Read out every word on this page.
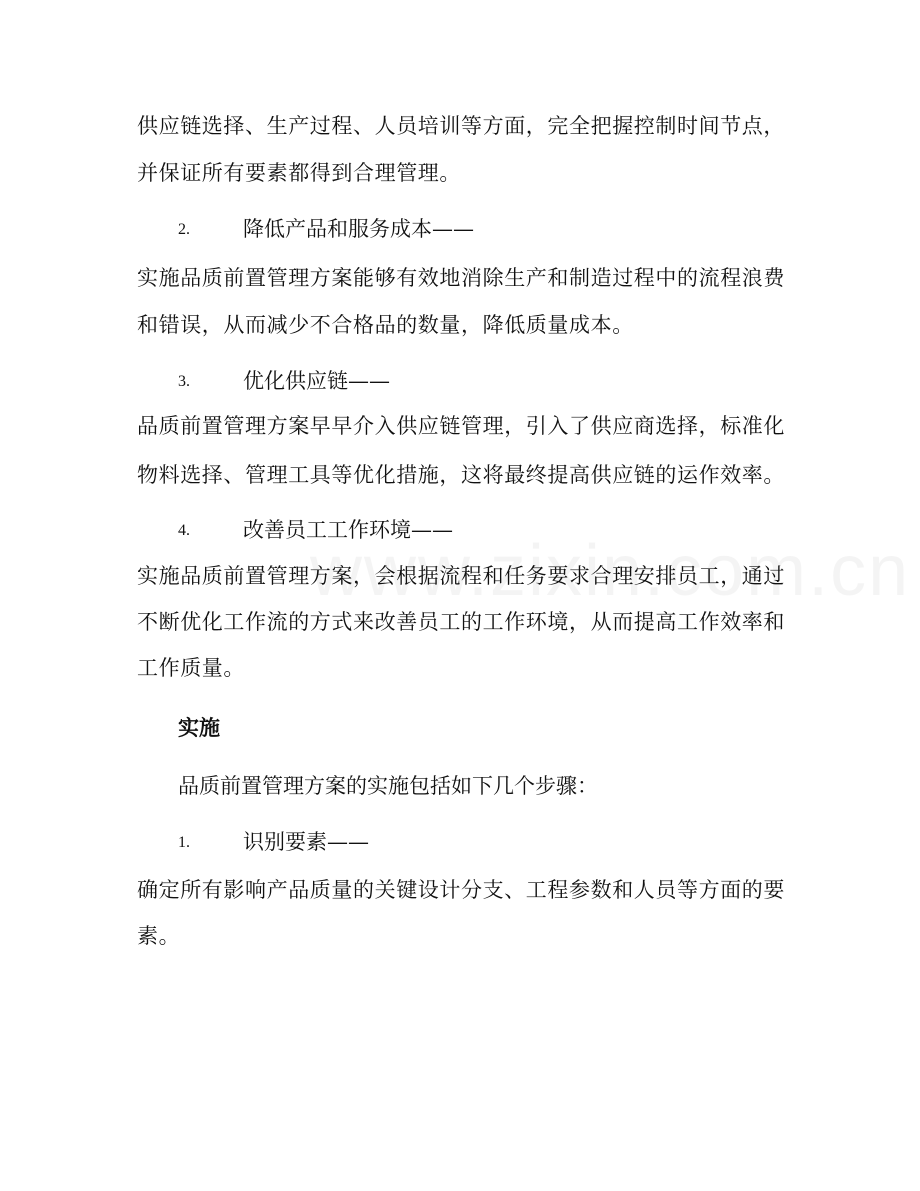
供应链选择、生产过程、人员培训等方面，完全把握控制时间节点，
并保证所有要素都得到合理管理。
2.	降低产品和服务成本——
实施品质前置管理方案能够有效地消除生产和制造过程中的流程浪费
和错误，从而减少不合格品的数量，降低质量成本。
3.	优化供应链——
品质前置管理方案早早介入供应链管理，引入了供应商选择，标准化
物料选择、管理工具等优化措施，这将最终提高供应链的运作效率。
4.	改善员工工作环境——
实施品质前置管理方案，会根据流程和任务要求合理安排员工，通过
不断优化工作流的方式来改善员工的工作环境，从而提高工作效率和
工作质量。
实施
品质前置管理方案的实施包括如下几个步骤：
1.	识别要素——
确定所有影响产品质量的关键设计分支、工程参数和人员等方面的要
素。
